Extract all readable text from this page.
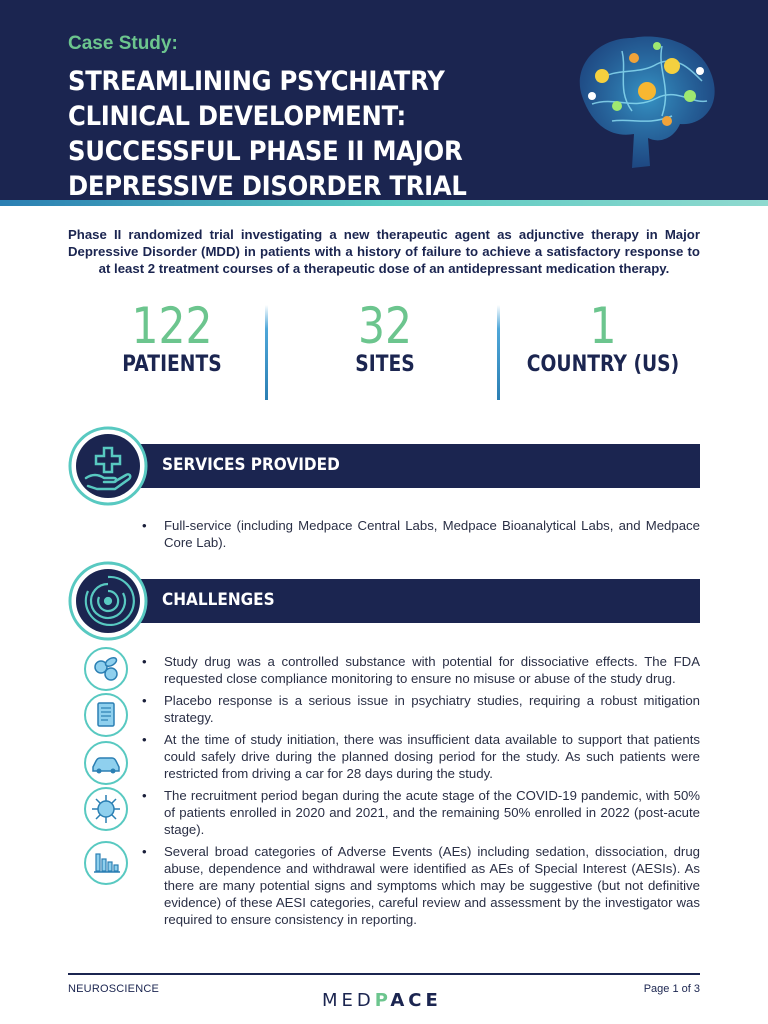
Case Study:
STREAMLINING PSYCHIATRY CLINICAL DEVELOPMENT: SUCCESSFUL PHASE II MAJOR DEPRESSIVE DISORDER TRIAL
Phase II randomized trial investigating a new therapeutic agent as adjunctive therapy in Major Depressive Disorder (MDD) in patients with a history of failure to achieve a satisfactory response to at least 2 treatment courses of a therapeutic dose of an antidepressant medication therapy.
122
PATIENTS
32
SITES
1
COUNTRY (US)
SERVICES PROVIDED
• Full-service (including Medpace Central Labs, Medpace Bioanalytical Labs, and Medpace Core Lab).
CHALLENGES
• Study drug was a controlled substance with potential for dissociative effects. The FDA requested close compliance monitoring to ensure no misuse or abuse of the study drug.
• Placebo response is a serious issue in psychiatry studies, requiring a robust mitigation strategy.
• At the time of study initiation, there was insufficient data available to support that patients could safely drive during the planned dosing period for the study. As such patients were restricted from driving a car for 28 days during the study.
• The recruitment period began during the acute stage of the COVID-19 pandemic, with 50% of patients enrolled in 2020 and 2021, and the remaining 50% enrolled in 2022 (post-acute stage).
• Several broad categories of Adverse Events (AEs) including sedation, dissociation, drug abuse, dependence and withdrawal were identified as AEs of Special Interest (AESIs). As there are many potential signs and symptoms which may be suggestive (but not definitive evidence) of these AESI categories, careful review and assessment by the investigator was required to ensure consistency in reporting.
NEUROSCIENCE
MEDPACE
Page 1 of 3
